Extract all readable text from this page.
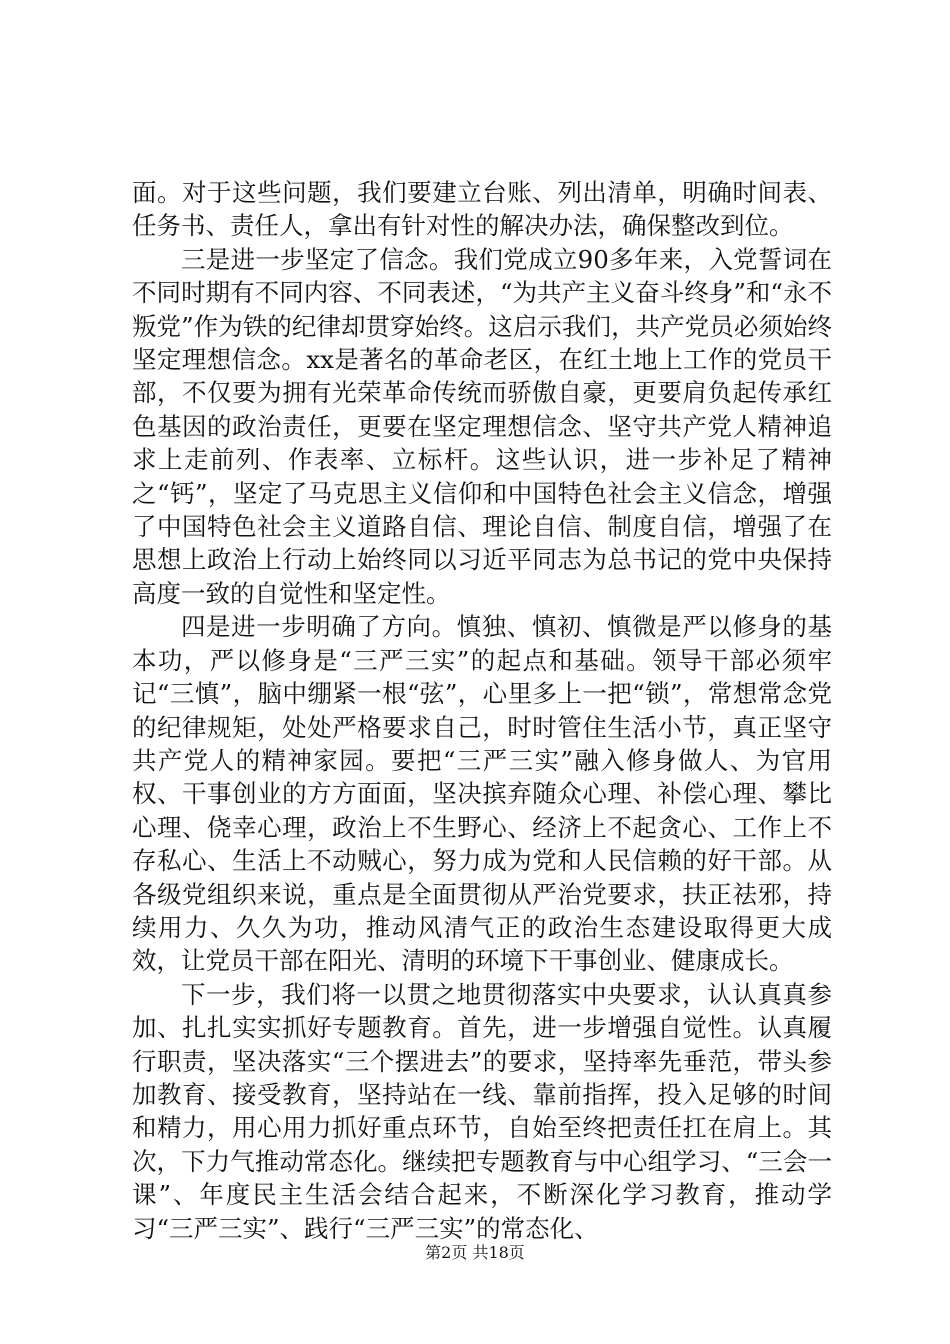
面。对于这些问题，我们要建立台账、列出清单，明确时间表、任务书、责任人，拿出有针对性的解决办法，确保整改到位。

三是进一步坚定了信念。我们党成立90多年来，入党誓词在不同时期有不同内容、不同表述，“为共产主义奋斗终身”和“永不叛党”作为铁的纪律却贯穿始终。这启示我们，共产党员必须始终坚定理想信念。xx是著名的革命老区，在红土地上工作的党员干部，不仅要为拥有光荣革命传统而骄傲自豪，更要肩负起传承红色基因的政治责任，更要在坚定理想信念、坚守共产党人精神追求上走前列、作表率、立标杆。这些认识，进一步补足了精神之“钙”，坚定了马克思主义信仰和中国特色社会主义信念，增强了中国特色社会主义道路自信、理论自信、制度自信，增强了在思想上政治上行动上始终同以习近平同志为总书记的党中央保持高度一致的自觉性和坚定性。

四是进一步明确了方向。慎独、慎初、慎微是严以修身的基本功，严以修身是“三严三实”的起点和基础。领导干部必须牢记“三慎”，脑中绷紧一根“弦”，心里多上一把“锁”，常想常念党的纪律规矩，处处严格要求自己，时时管住生活小节，真正坚守共产党人的精神家园。要把“三严三实”融入修身做人、为官用权、干事创业的方方面面，坚决摈弃随众心理、补偿心理、攀比心理、侥幸心理，政治上不生野心、经济上不起贪心、工作上不存私心、生活上不动贼心，努力成为党和人民信赖的好干部。从各级党组织来说，重点是全面贯彻从严治党要求，扶正祛邪，持续用力、久久为功，推动风清气正的政治生态建设取得更大成效，让党员干部在阳光、清明的环境下干事创业、健康成长。

下一步，我们将一以贯之地贯彻落实中央要求，认认真真参加、扎扎实实抓好专题教育。首先，进一步增强自觉性。认真履行职责，坚决落实“三个摆进去”的要求，坚持率先垂范，带头参加教育、接受教育，坚持站在一线、靠前指挥，投入足够的时间和精力，用心用力抓好重点环节，自始至终把责任扛在肩上。其次，下力气推动常态化。继续把专题教育与中心组学习、“三会一课”、年度民主生活会结合起来，不断深化学习教育，推动学习“三严三实”、践行“三严三实”的常态化、

第2页 共18页
